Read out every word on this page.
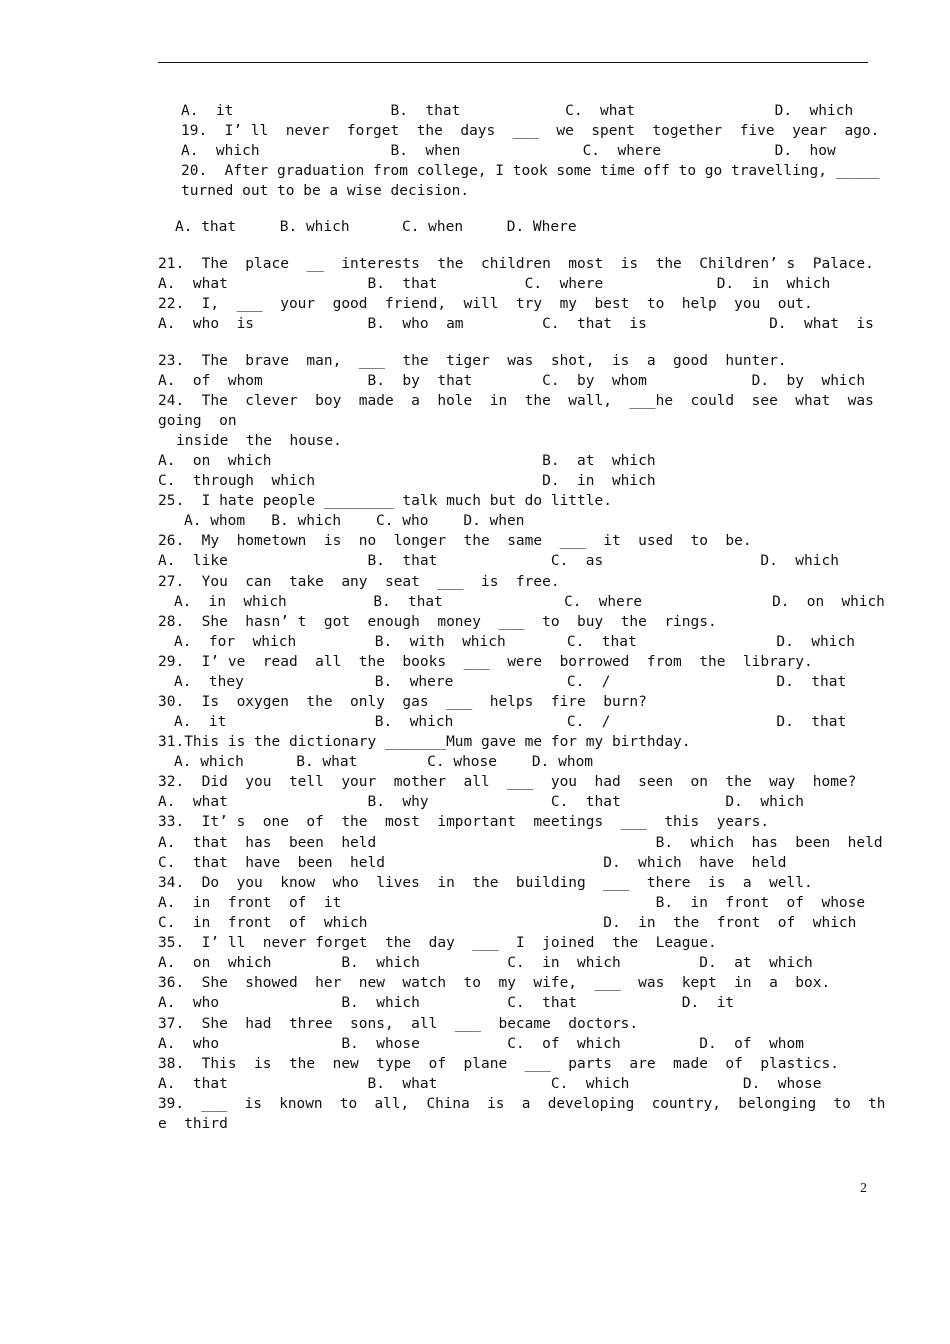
A.  it                  B.  that            C.  what                D.  which
19.  I’ ll  never  forget  the  days  ___  we  spent  together  five  year  ago.
A.  which               B.  when              C.  where             D.  how
20.  After graduation from college, I took some time off to go travelling, _____
turned out to be a wise decision.
A. that     B. which      C. when     D. Where
21.  The  place  __  interests  the  children  most  is  the  Children’ s  Palace.
A.  what                B.  that          C.  where             D.  in  which
22.  I,  ___  your  good  friend,  will  try  my  best  to  help  you  out.
A.  who  is             B.  who  am         C.  that  is              D.  what  is
23.  The  brave  man,  ___  the  tiger  was  shot,  is  a  good  hunter.
A.  of  whom            B.  by  that        C.  by  whom            D.  by  which
24.  The  clever  boy  made  a  hole  in  the  wall,  ___he  could  see  what  was
going  on
inside  the  house.
A.  on  which                               B.  at  which
C.  through  which                          D.  in  which
25.  I hate people ________ talk much but do little.
A. whom   B. which    C. who    D. when
26.  My  hometown  is  no  longer  the  same  ___  it  used  to  be.
A.  like                B.  that             C.  as                  D.  which
27.  You  can  take  any  seat  ___  is  free.
A.  in  which          B.  that              C.  where               D.  on  which
28.  She  hasn’ t  got  enough  money  ___  to  buy  the  rings.
A.  for  which         B.  with  which       C.  that                D.  which
29.  I’ ve  read  all  the  books  ___  were  borrowed  from  the  library.
A.  they               B.  where             C.  /                   D.  that
30.  Is  oxygen  the  only  gas  ___  helps  fire  burn?
A.  it                 B.  which             C.  /                   D.  that
31.This is the dictionary _______Mum gave me for my birthday.
A. which      B. what        C. whose    D. whom
32.  Did  you  tell  your  mother  all  ___  you  had  seen  on  the  way  home?
A.  what                B.  why              C.  that            D.  which
33.  It’ s  one  of  the  most  important  meetings  ___  this  years.
A.  that  has  been  held                                B.  which  has  been  held
C.  that  have  been  held                         D.  which  have  held
34.  Do  you  know  who  lives  in  the  building  ___  there  is  a  well.
A.  in  front  of  it                                    B.  in  front  of  whose
C.  in  front  of  which                           D.  in  the  front  of  which
35.  I’ ll  never forget  the  day  ___  I  joined  the  League.
A.  on  which        B.  which          C.  in  which         D.  at  which
36.  She  showed  her  new  watch  to  my  wife,  ___  was  kept  in  a  box.
A.  who              B.  which          C.  that            D.  it
37.  She  had  three  sons,  all  ___  became  doctors.
A.  who              B.  whose          C.  of  which         D.  of  whom
38.  This  is  the  new  type  of  plane  ___  parts  are  made  of  plastics.
A.  that                B.  what             C.  which             D.  whose
39.  ___  is  known  to  all,  China  is  a  developing  country,  belonging  to  th
e  third
2
